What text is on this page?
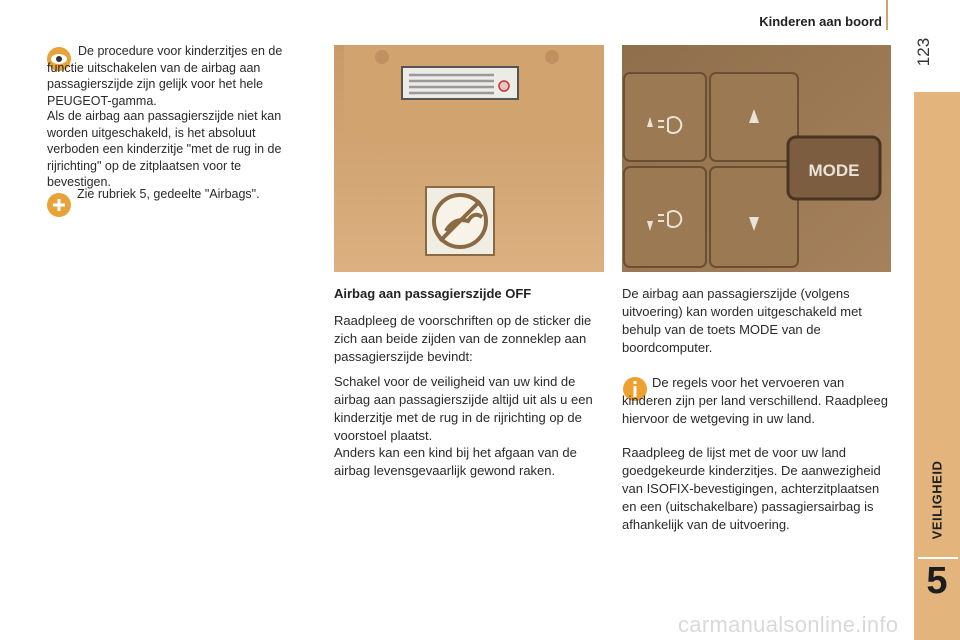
Kinderen aan boord
123
VEILIGHEID
5
De procedure voor kinderzitjes en de functie uitschakelen van de airbag aan passagierszijde zijn gelijk voor het hele PEUGEOT-gamma.
Als de airbag aan passagierszijde niet kan worden uitgeschakeld, is het absoluut verboden een kinderzitje "met de rug in de rijrichting" op de zitplaatsen voor te bevestigen.
Zie rubriek 5, gedeelte "Airbags".
MODE
Airbag aan passagierszijde OFF
Raadpleeg de voorschriften op de sticker die zich aan beide zijden van de zonneklep aan passagierszijde bevindt:
Schakel voor de veiligheid van uw kind de airbag aan passagierszijde altijd uit als u een kinderzitje met de rug in de rijrichting op de voorstoel plaatst.
Anders kan een kind bij het afgaan van de airbag levensgevaarlijk gewond raken.
De airbag aan passagierszijde (volgens uitvoering) kan worden uitgeschakeld met behulp van de toets MODE van de boordcomputer.
De regels voor het vervoeren van kinderen zijn per land verschillend. Raadpleeg hiervoor de wetgeving in uw land.
Raadpleeg de lijst met de voor uw land goedgekeurde kinderzitjes. De aanwezigheid van ISOFIX-bevestigingen, achterzitplaatsen en een (uitschakelbare) passagiersairbag is afhankelijk van de uitvoering.
carmanualsonline.info
